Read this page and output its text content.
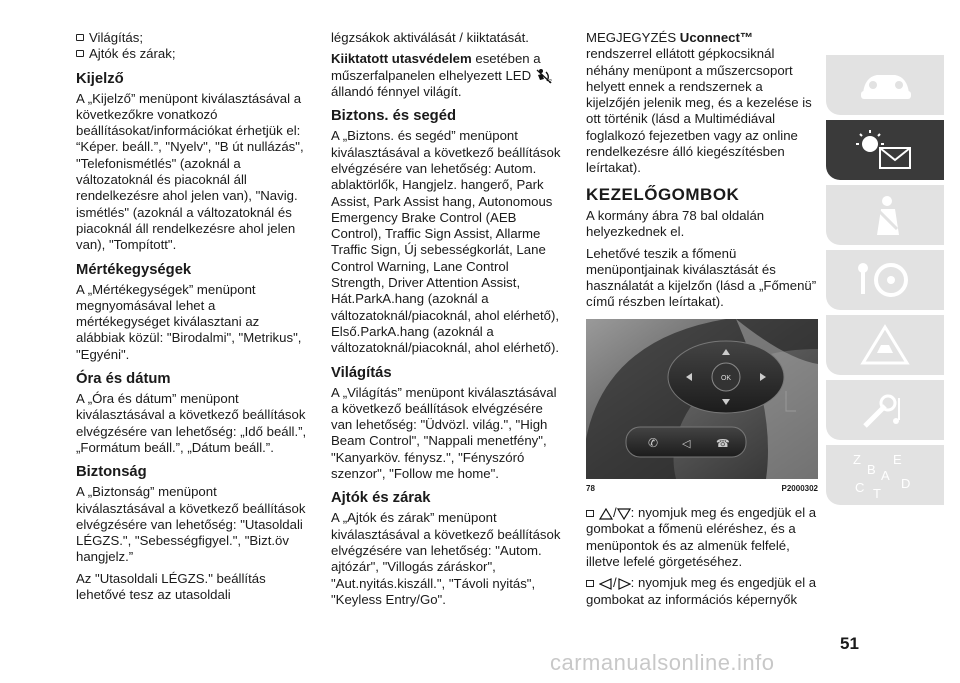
Világítás;
Ajtók és zárak;
Kijelző

A „Kijelző” menüpont kiválasztásával a következőkre vonatkozó beállításokat/információkat érhetjük el: “Képer. beáll.”, "Nyelv", "B út nullázás", "Telefonismétlés" (azoknál a változatoknál és piacoknál áll rendelkezésre ahol jelen van), "Navig. ismétlés" (azoknál a változatoknál és piacoknál áll rendelkezésre ahol jelen van), "Tompított".

Mértékegységek

A „Mértékegységek” menüpont megnyomásával lehet a mértékegységet kiválasztani az alábbiak közül: "Birodalmi", "Metrikus", "Egyéni".

Óra és dátum

A „Óra és dátum” menüpont kiválasztásával a következő beállítások elvégzésére van lehetőség: „Idő beáll.”, „Formátum beáll.”, „Dátum beáll.”.

Biztonság

A „Biztonság” menüpont kiválasztásával a következő beállítások elvégzésére van lehetőség: "Utasoldali LÉGZS.", "Sebességfigyel.", "Bizt.öv hangjelz.”

Az "Utasoldali LÉGZS." beállítás lehetővé tesz az utasoldali

légzsákok aktiválását / kiiktatását.

Kiiktatott utasvédelem esetében a műszerfalpanelen elhelyezett LED	2

állandó fénnyel világít.

Biztons. és segéd

A „Biztons. és segéd” menüpont kiválasztásával a következő beállítások elvégzésére van lehetőség: Autom. ablaktörlők, Hangjelz. hangerő, Park Assist, Park Assist hang, Autonomous Emergency Brake Control (AEB Control), Traffic Sign Assist, Allarme Traffic Sign, Új sebességkorlát, Lane Control Warning, Lane Control Strength, Driver Attention Assist, Hát.ParkA.hang (azoknál a változatoknál/piacoknál, ahol elérhető), Első.ParkA.hang (azoknál a változatoknál/piacoknál, ahol elérhető).

Világítás

A „Világítás” menüpont kiválasztásával a következő beállítások elvégzésére van lehetőség: "Üdvözl. világ.", "High Beam Control", "Nappali menetfény", "Kanyarköv. fénysz.", "Fényszóró szenzor", "Follow me home".

Ajtók és zárak

A „Ajtók és zárak” menüpont kiválasztásával a következő beállítások elvégzésére van lehetőség: "Autom. ajtózár", "Villogás záráskor", "Aut.nyitás.kiszáll.", "Távoli nyitás", "Keyless Entry/Go".

MEGJEGYZÉS Uconnect™ rendszerrel ellátott gépkocsiknál néhány menüpont a műszercsoport helyett ennek a rendszernek a kijelzőjén jelenik meg, és a kezelése is ott történik (lásd a Multimédiával foglalkozó fejezetben vagy az online rendelkezésre álló kiegészítésben leírtakat).

KEZELŐGOMBOK

A kormány ábra 78 bal oldalán helyezkednek el.

Lehetővé teszik a főmenü menüpontjainak kiválasztását és használatát a kijelzőn (lásd a „Főmenü” című részben leírtakat).

OK
✆ ◁ ☎
78	P2000302

/ : nyomjuk meg és engedjük el a gombokat a főmenü eléréshez, és a menüpontok és az almenük felfelé, illetve lefelé görgetéséhez.

/ : nyomjuk meg és engedjük el a gombokat az információs képernyők

Z E
B A
C	D
T
51
carmanualsonline.info
